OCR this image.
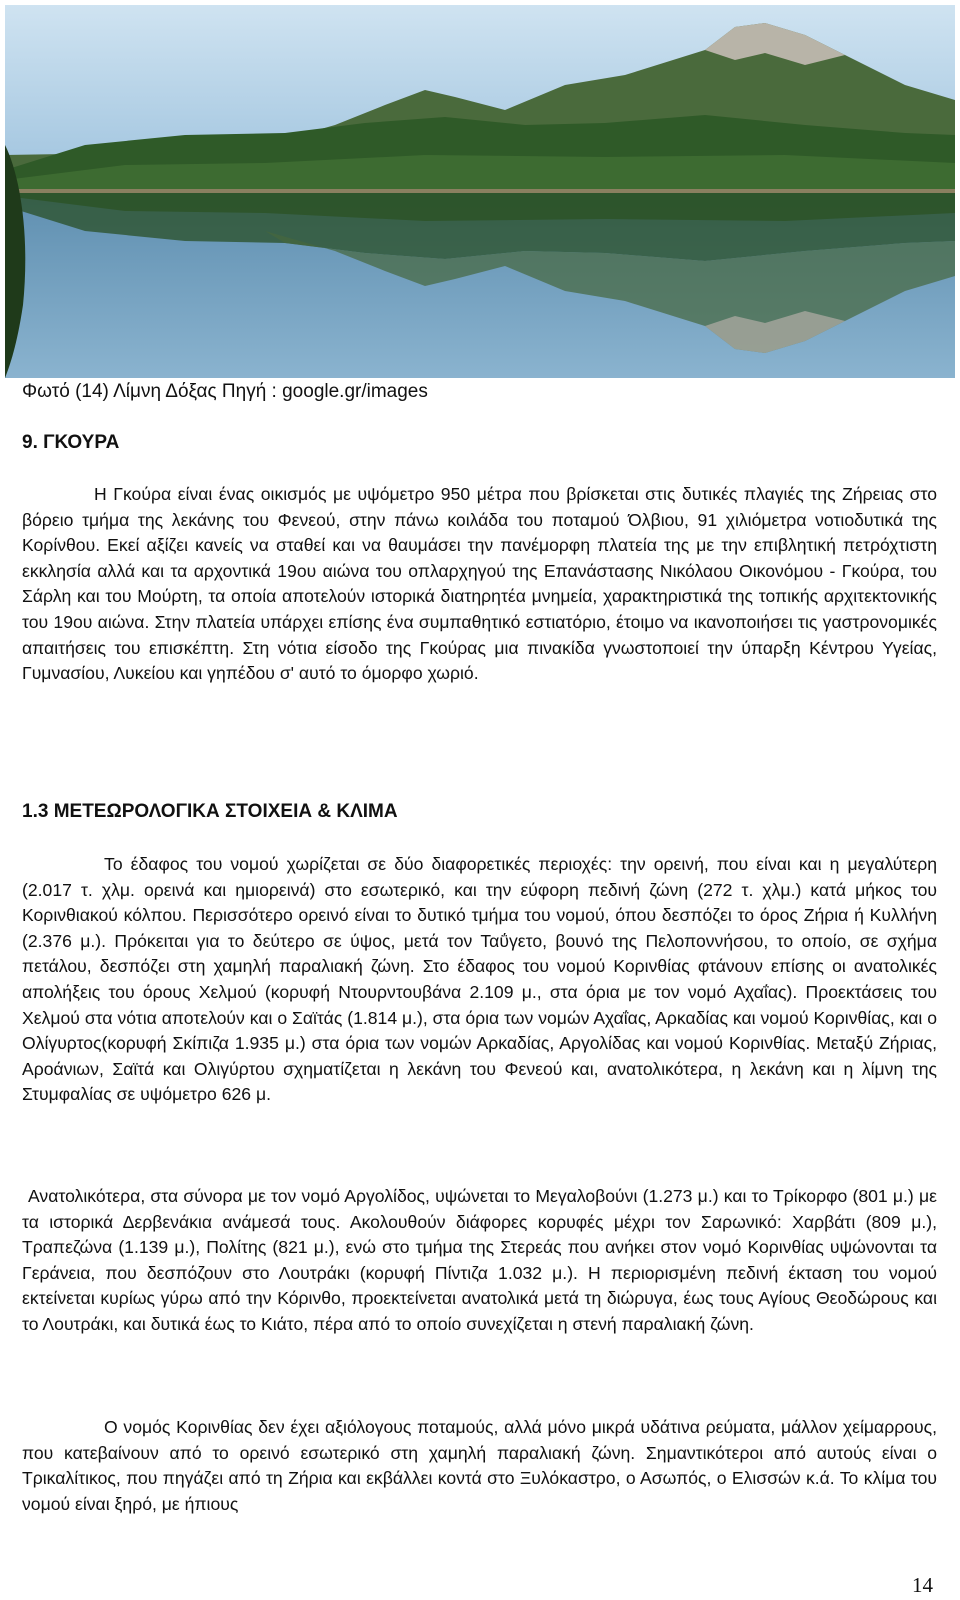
Φωτό (14) Λίμνη Δόξας Πηγή : google.gr/images
9. ΓΚΟΥΡΑ

Η Γκούρα είναι ένας οικισμός με υψόμετρο 950 μέτρα που βρίσκεται στις δυτικές πλαγιές της Ζήρειας στο βόρειο τμήμα της λεκάνης του Φενεού, στην πάνω κοιλάδα του ποταμού Όλβιου, 91 χιλιόμετρα νοτιοδυτικά της Κορίνθου. Εκεί αξίζει κανείς να σταθεί και να θαυμάσει την πανέμορφη πλατεία της με την επιβλητική πετρόχτιστη εκκλησία αλλά και τα αρχοντικά 19ου αιώνα του οπλαρχηγού της Επανάστασης Νικόλαου Οικονόμου - Γκούρα, του Σάρλη και του Μούρτη, τα οποία αποτελούν ιστορικά διατηρητέα μνημεία, χαρακτηριστικά της τοπικής αρχιτεκτονικής του 19ου αιώνα. Στην πλατεία υπάρχει επίσης ένα συμπαθητικό εστιατόριο, έτοιμο να ικανοποιήσει τις γαστρονομικές απαιτήσεις του επισκέπτη. Στη νότια είσοδο της Γκούρας μια πινακίδα γνωστοποιεί την ύπαρξη Κέντρου Υγείας, Γυμνασίου, Λυκείου και γηπέδου σ' αυτό το όμορφο χωριό.

1.3 ΜΕΤΕΩΡΟΛΟΓΙΚΑ ΣΤΟΙΧΕΙΑ & ΚΛΙΜΑ

Το έδαφος του νομού χωρίζεται σε δύο διαφορετικές περιοχές: την ορεινή, που είναι και η μεγαλύτερη (2.017 τ. χλμ. ορεινά και ημιορεινά) στο εσωτερικό, και την εύφορη πεδινή ζώνη (272 τ. χλμ.) κατά μήκος του Κορινθιακού κόλπου. Περισσότερο ορεινό είναι το δυτικό τμήμα του νομού, όπου δεσπόζει το όρος Ζήρια ή Κυλλήνη (2.376 μ.). Πρόκειται για το δεύτερο σε ύψος, μετά τον Ταΰγετο, βουνό της Πελοποννήσου, το οποίο, σε σχήμα πετάλου, δεσπόζει στη χαμηλή παραλιακή ζώνη. Στο έδαφος του νομού Κορινθίας φτάνουν επίσης οι ανατολικές απολήξεις του όρους Χελμού (κορυφή Ντουρντουβάνα 2.109 μ., στα όρια με τον νομό Αχαΐας). Προεκτάσεις του Χελμού στα νότια αποτελούν και ο Σαϊτάς (1.814 μ.), στα όρια των νομών Αχαΐας, Αρκαδίας και νομού Κορινθίας, και ο Ολίγυρτος(κορυφή Σκίπιζα 1.935 μ.) στα όρια των νομών Αρκαδίας, Αργολίδας και νομού Κορινθίας. Μεταξύ Ζήριας, Αροάνιων, Σαϊτά και Ολιγύρτου σχηματίζεται η λεκάνη του Φενεού και, ανατολικότερα, η λεκάνη και η λίμνη της Στυμφαλίας σε υψόμετρο 626 μ.

Ανατολικότερα, στα σύνορα με τον νομό Αργολίδος, υψώνεται το Μεγαλοβούνι (1.273 μ.) και το Τρίκορφο (801 μ.) με τα ιστορικά Δερβενάκια ανάμεσά τους. Ακολουθούν διάφορες κορυφές μέχρι τον Σαρωνικό: Χαρβάτι (809 μ.), Τραπεζώνα (1.139 μ.), Πολίτης (821 μ.), ενώ στο τμήμα της Στερεάς που ανήκει στον νομό Κορινθίας υψώνονται τα Γεράνεια, που δεσπόζουν στο Λουτράκι (κορυφή Πίντιζα 1.032 μ.). Η περιορισμένη πεδινή έκταση του νομού εκτείνεται κυρίως γύρω από την Κόρινθο, προεκτείνεται ανατολικά μετά τη διώρυγα, έως τους Αγίους Θεοδώρους και το Λουτράκι, και δυτικά έως το Κιάτο, πέρα από το οποίο συνεχίζεται η στενή παραλιακή ζώνη.

Ο νομός Κορινθίας δεν έχει αξιόλογους ποταμούς, αλλά μόνο μικρά υδάτινα ρεύματα, μάλλον χείμαρρους, που κατεβαίνουν από το ορεινό εσωτερικό στη χαμηλή παραλιακή ζώνη. Σημαντικότεροι από αυτούς είναι ο Τρικαλίτικος, που πηγάζει από τη Ζήρια και εκβάλλει κοντά στο Ξυλόκαστρο, ο Ασωπός, ο Ελισσών κ.ά. Το κλίμα του νομού είναι ξηρό, με ήπιους

14
